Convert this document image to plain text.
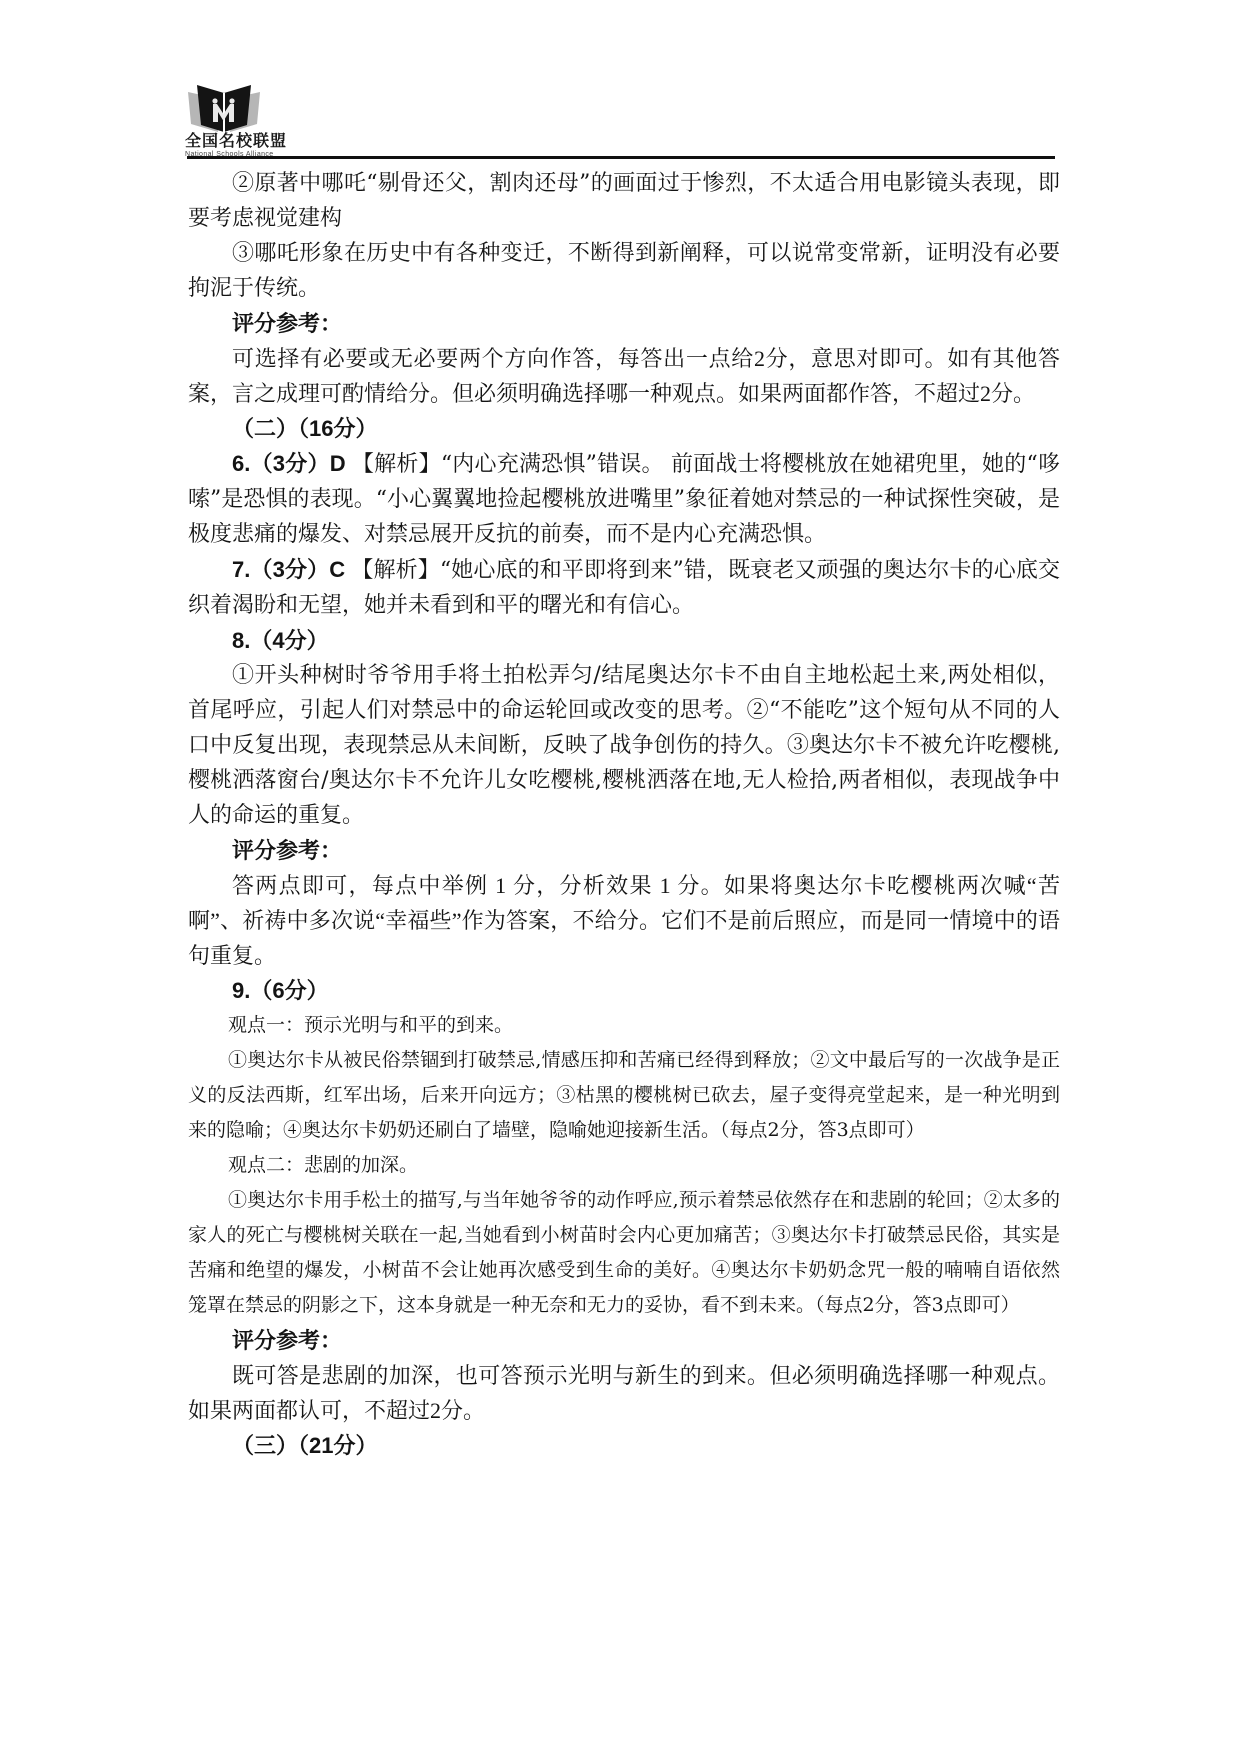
全国名校联盟
National Schools Alliance

②原著中哪吒“剔骨还父，割肉还母”的画面过于惨烈，不太适合用电影镜头表现，即要考虑视觉建构

③哪吒形象在历史中有各种变迁，不断得到新阐释，可以说常变常新，证明没有必要拘泥于传统。

评分参考：

可选择有必要或无必要两个方向作答，每答出一点给2分，意思对即可。如有其他答案，言之成理可酌情给分。但必须明确选择哪一种观点。如果两面都作答，不超过2分。

（二）（16分）

6.（3分）D 【解析】“内心充满恐惧”错误。 前面战士将樱桃放在她裙兜里，她的“哆嗦”是恐惧的表现。“小心翼翼地捡起樱桃放进嘴里”象征着她对禁忌的一种试探性突破，是极度悲痛的爆发、对禁忌展开反抗的前奏，而不是内心充满恐惧。

7.（3分）C 【解析】“她心底的和平即将到来”错，既衰老又顽强的奥达尔卡的心底交织着渴盼和无望，她并未看到和平的曙光和有信心。

8.（4分）

①开头种树时爷爷用手将土拍松弄匀/结尾奥达尔卡不由自主地松起土来,两处相似，首尾呼应，引起人们对禁忌中的命运轮回或改变的思考。②“不能吃”这个短句从不同的人口中反复出现，表现禁忌从未间断，反映了战争创伤的持久。③奥达尔卡不被允许吃樱桃,樱桃洒落窗台/奥达尔卡不允许儿女吃樱桃,樱桃洒落在地,无人检拾,两者相似，表现战争中人的命运的重复。

评分参考：

答两点即可，每点中举例 1 分，分析效果 1 分。如果将奥达尔卡吃樱桃两次喊“苦啊”、祈祷中多次说“幸福些”作为答案，不给分。它们不是前后照应，而是同一情境中的语句重复。

9.（6分）

观点一：预示光明与和平的到来。

①奥达尔卡从被民俗禁锢到打破禁忌,情感压抑和苦痛已经得到释放；②文中最后写的一次战争是正义的反法西斯，红军出场，后来开向远方；③枯黑的樱桃树已砍去，屋子变得亮堂起来，是一种光明到来的隐喻；④奥达尔卡奶奶还刷白了墙壁，隐喻她迎接新生活。（每点2分，答3点即可）

观点二：悲剧的加深。

①奥达尔卡用手松土的描写,与当年她爷爷的动作呼应,预示着禁忌依然存在和悲剧的轮回；②太多的家人的死亡与樱桃树关联在一起,当她看到小树苗时会内心更加痛苦；③奥达尔卡打破禁忌民俗，其实是苦痛和绝望的爆发，小树苗不会让她再次感受到生命的美好。④奥达尔卡奶奶念咒一般的喃喃自语依然笼罩在禁忌的阴影之下，这本身就是一种无奈和无力的妥协，看不到未来。（每点2分，答3点即可）

评分参考：

既可答是悲剧的加深，也可答预示光明与新生的到来。但必须明确选择哪一种观点。如果两面都认可，不超过2分。

（三）（21分）
